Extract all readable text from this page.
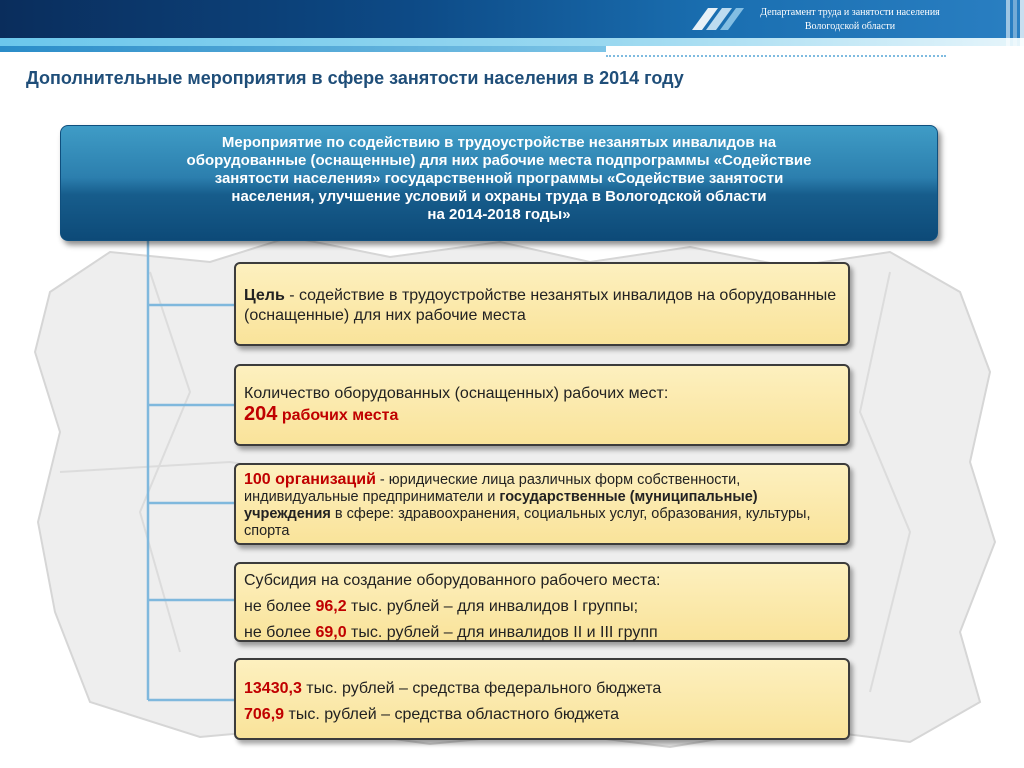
Департамент труда и занятости населения
Вологодской области
Дополнительные мероприятия в сфере занятости населения в 2014 году
Мероприятие по содействию в трудоустройстве незанятых инвалидов на
оборудованные (оснащенные) для них рабочие места подпрограммы «Содействие
занятости населения» государственной программы «Содействие занятости
населения, улучшение условий и охраны труда в Вологодской области
на 2014-2018 годы»
Цель - содействие в трудоустройстве незанятых инвалидов на оборудованные (оснащенные) для них рабочие места
Количество оборудованных (оснащенных) рабочих мест:
204 рабочих места
100 организаций - юридические лица различных форм собственности, индивидуальные предприниматели и государственные (муниципальные) учреждения в сфере: здравоохранения, социальных услуг, образования, культуры, спорта
Субсидия на создание оборудованного рабочего места:
не более 96,2 тыс. рублей – для инвалидов I группы;
не более 69,0 тыс. рублей – для инвалидов II и III групп
13430,3 тыс. рублей – средства федерального бюджета
706,9 тыс. рублей – средства областного бюджета
